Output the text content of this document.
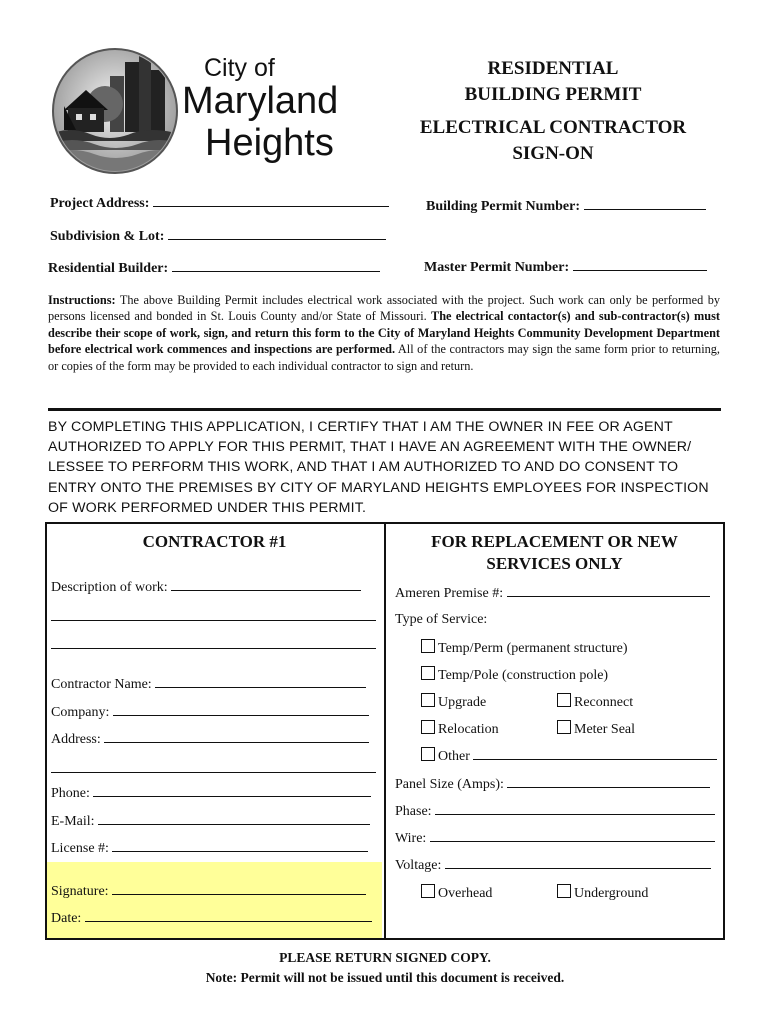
City of
Maryland
Heights
RESIDENTIAL
BUILDING PERMIT
ELECTRICAL CONTRACTOR
SIGN-ON
Project Address:	Building Permit Number:
Subdivision & Lot:
Residential Builder:	Master Permit Number:
Instructions: The above Building Permit includes electrical work associated with the project. Such work can only be performed by persons licensed and bonded in St. Louis County and/or State of Missouri. The electrical contactor(s) and sub-contractor(s) must describe their scope of work, sign, and return this form to the City of Maryland Heights Community Development Department before electrical work commences and inspections are performed. All of the contractors may sign the same form prior to returning, or copies of the form may be provided to each individual contractor to sign and return.
BY COMPLETING THIS APPLICATION, I CERTIFY THAT I AM THE OWNER IN FEE OR AGENT AUTHORIZED TO APPLY FOR THIS PERMIT, THAT I HAVE AN AGREEMENT WITH THE OWNER/ LESSEE TO PERFORM THIS WORK, AND THAT I AM AUTHORIZED TO AND DO CONSENT TO ENTRY ONTO THE PREMISES BY CITY OF MARYLAND HEIGHTS EMPLOYEES FOR INSPECTION OF WORK PERFORMED UNDER THIS PERMIT.
CONTRACTOR #1
Description of work:
Contractor Name:
Company:
Address:
Phone:
E-Mail:
License #:
Signature:
Date:
FOR REPLACEMENT OR NEW
SERVICES ONLY
Ameren Premise #:
Type of Service:
Temp/Perm (permanent structure)
Temp/Pole (construction pole)
Upgrade	Reconnect
Relocation	Meter Seal
Other
Panel Size (Amps):
Phase:
Wire:
Voltage:
Overhead	Underground
PLEASE RETURN SIGNED COPY.
Note: Permit will not be issued until this document is received.
